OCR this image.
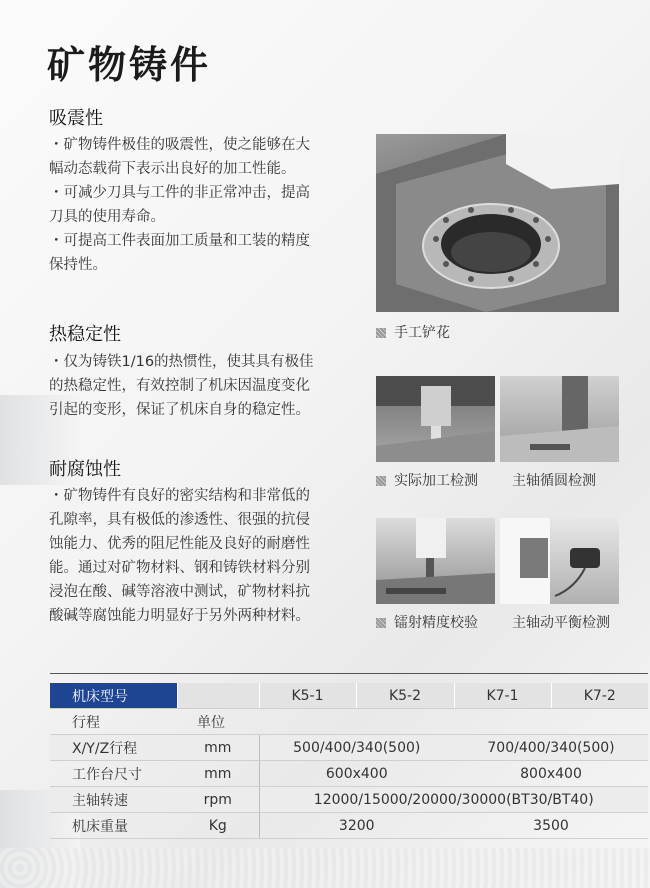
矿物铸件
吸震性
・矿物铸件极佳的吸震性，使之能够在大
幅动态载荷下表示出良好的加工性能。
・可减少刀具与工件的非正常冲击，提高
刀具的使用寿命。
・可提高工件表面加工质量和工装的精度
保持性。
热稳定性
・仅为铸铁1/16的热惯性，使其具有极佳
的热稳定性，有效控制了机床因温度变化
引起的变形，保证了机床自身的稳定性。
耐腐蚀性
・矿物铸件有良好的密实结构和非常低的
孔隙率，具有极低的渗透性、很强的抗侵
蚀能力、优秀的阻尼性能及良好的耐磨性
能。通过对矿物材料、钢和铸铁材料分别
浸泡在酸、碱等溶液中测试，矿物材料抗
酸碱等腐蚀能力明显好于另外两种材料。
手工铲花
实际加工检测 主轴循圆检测
镭射精度校验 主轴动平衡检测
机床型号		K5-1	K5-2	K7-1	K7-2
行程	单位				
X/Y/Z行程	mm	500/400/340(500)		700/400/340(500)	
工作台尺寸	mm	600x400		800x400	
主轴转速	rpm	12000/15000/20000/30000(BT30/BT40)			
机床重量	Kg	3200		3500	
